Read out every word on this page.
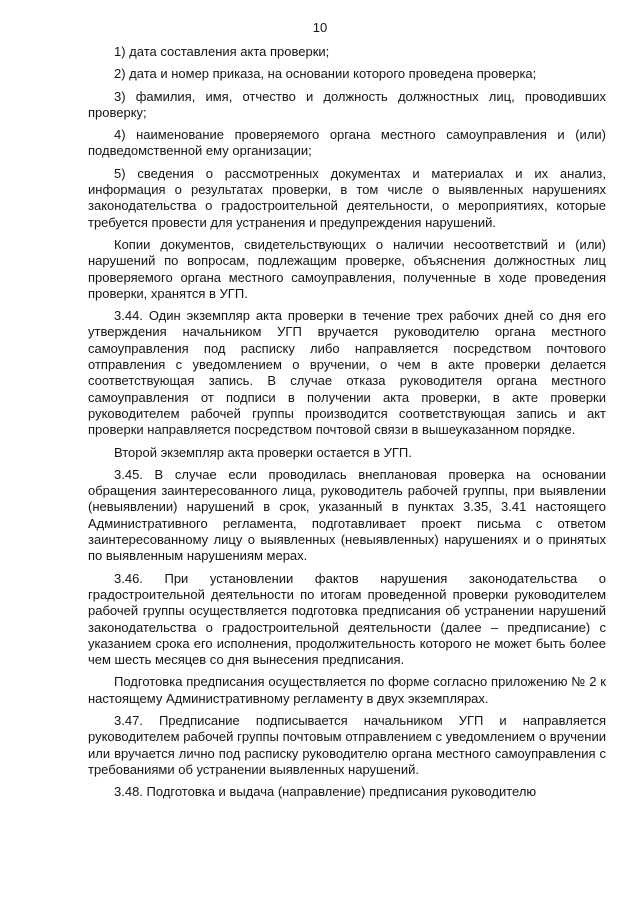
10

1) дата составления акта проверки;

2) дата и номер приказа, на основании которого проведена проверка;

3) фамилия, имя, отчество и должность должностных лиц, проводивших проверку;

4) наименование проверяемого органа местного самоуправления и (или) подведомственной ему организации;

5) сведения о рассмотренных документах и материалах и их анализ, информация о результатах проверки, в том числе о выявленных нарушениях законодательства о градостроительной деятельности, о мероприятиях, которые требуется провести для устранения и предупреждения нарушений.

Копии документов, свидетельствующих о наличии несоответствий и (или) нарушений по вопросам, подлежащим проверке, объяснения должностных лиц проверяемого органа местного самоуправления, полученные в ходе проведения проверки, хранятся в УГП.

3.44. Один экземпляр акта проверки в течение трех рабочих дней со дня его утверждения начальником УГП вручается руководителю органа местного самоуправления под расписку либо направляется посредством почтового отправления с уведомлением о вручении, о чем в акте проверки делается соответствующая запись. В случае отказа руководителя органа местного самоуправления от подписи в получении акта проверки, в акте проверки руководителем рабочей группы производится соответствующая запись и акт проверки направляется посредством почтовой связи в вышеуказанном порядке.

Второй экземпляр акта проверки остается в УГП.

3.45. В случае если проводилась внеплановая проверка на основании обращения заинтересованного лица, руководитель рабочей группы, при выявлении (невыявлении) нарушений в срок, указанный в пунктах 3.35, 3.41 настоящего Административного регламента, подготавливает проект письма с ответом заинтересованному лицу о выявленных (невыявленных) нарушениях и о принятых по выявленным нарушениям мерах.

3.46. При установлении фактов нарушения законодательства о градостроительной деятельности по итогам проведенной проверки руководителем рабочей группы осуществляется подготовка предписания об устранении нарушений законодательства о градостроительной деятельности (далее – предписание) с указанием срока его исполнения, продолжительность которого не может быть более чем шесть месяцев со дня вынесения предписания.

Подготовка предписания осуществляется по форме согласно приложению № 2 к настоящему Административному регламенту в двух экземплярах.

3.47. Предписание подписывается начальником УГП и направляется руководителем рабочей группы почтовым отправлением с уведомлением о вручении или вручается лично под расписку руководителю органа местного самоуправления с требованиями об устранении выявленных нарушений.

3.48. Подготовка и выдача (направление) предписания руководителю
